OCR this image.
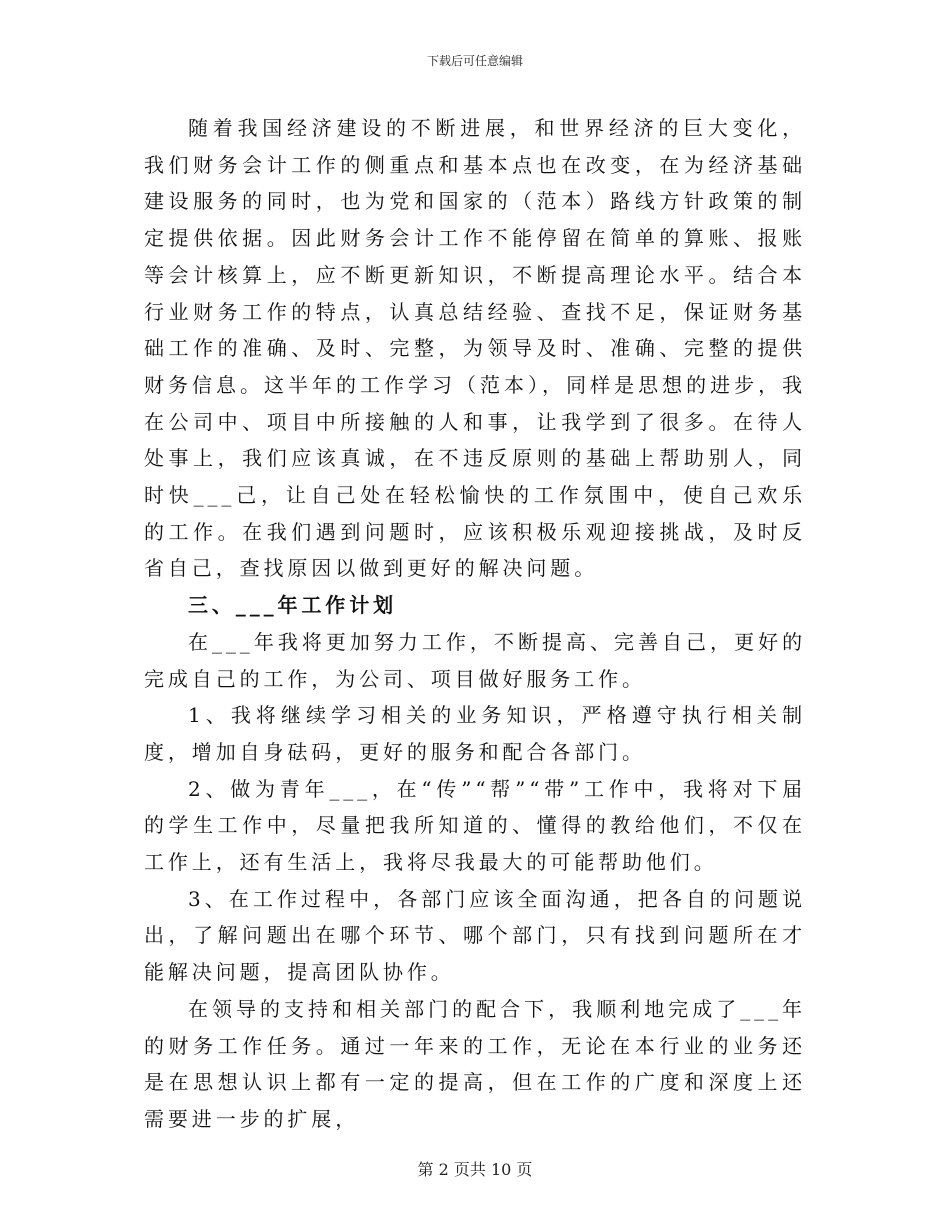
下载后可任意编辑

随着我国经济建设的不断进展，和世界经济的巨大变化，我们财务会计工作的侧重点和基本点也在改变，在为经济基础建设服务的同时，也为党和国家的（范本）路线方针政策的制定提供依据。因此财务会计工作不能停留在简单的算账、报账等会计核算上，应不断更新知识，不断提高理论水平。结合本行业财务工作的特点，认真总结经验、查找不足，保证财务基础工作的准确、及时、完整，为领导及时、准确、完整的提供财务信息。这半年的工作学习（范本），同样是思想的进步，我在公司中、项目中所接触的人和事，让我学到了很多。在待人处事上，我们应该真诚，在不违反原则的基础上帮助别人，同时快___己，让自己处在轻松愉快的工作氛围中，使自己欢乐的工作。在我们遇到问题时，应该积极乐观迎接挑战，及时反省自己，查找原因以做到更好的解决问题。

三、___年工作计划

在___年我将更加努力工作，不断提高、完善自己，更好的完成自己的工作，为公司、项目做好服务工作。

1、我将继续学习相关的业务知识，严格遵守执行相关制度，增加自身砝码，更好的服务和配合各部门。

2、做为青年___，在“传”“帮”“带”工作中，我将对下届的学生工作中，尽量把我所知道的、懂得的教给他们，不仅在工作上，还有生活上，我将尽我最大的可能帮助他们。

3、在工作过程中，各部门应该全面沟通，把各自的问题说出，了解问题出在哪个环节、哪个部门，只有找到问题所在才能解决问题，提高团队协作。

在领导的支持和相关部门的配合下，我顺利地完成了___年的财务工作任务。通过一年来的工作，无论在本行业的业务还是在思想认识上都有一定的提高，但在工作的广度和深度上还需要进一步的扩展，

第 2 页共 10 页
